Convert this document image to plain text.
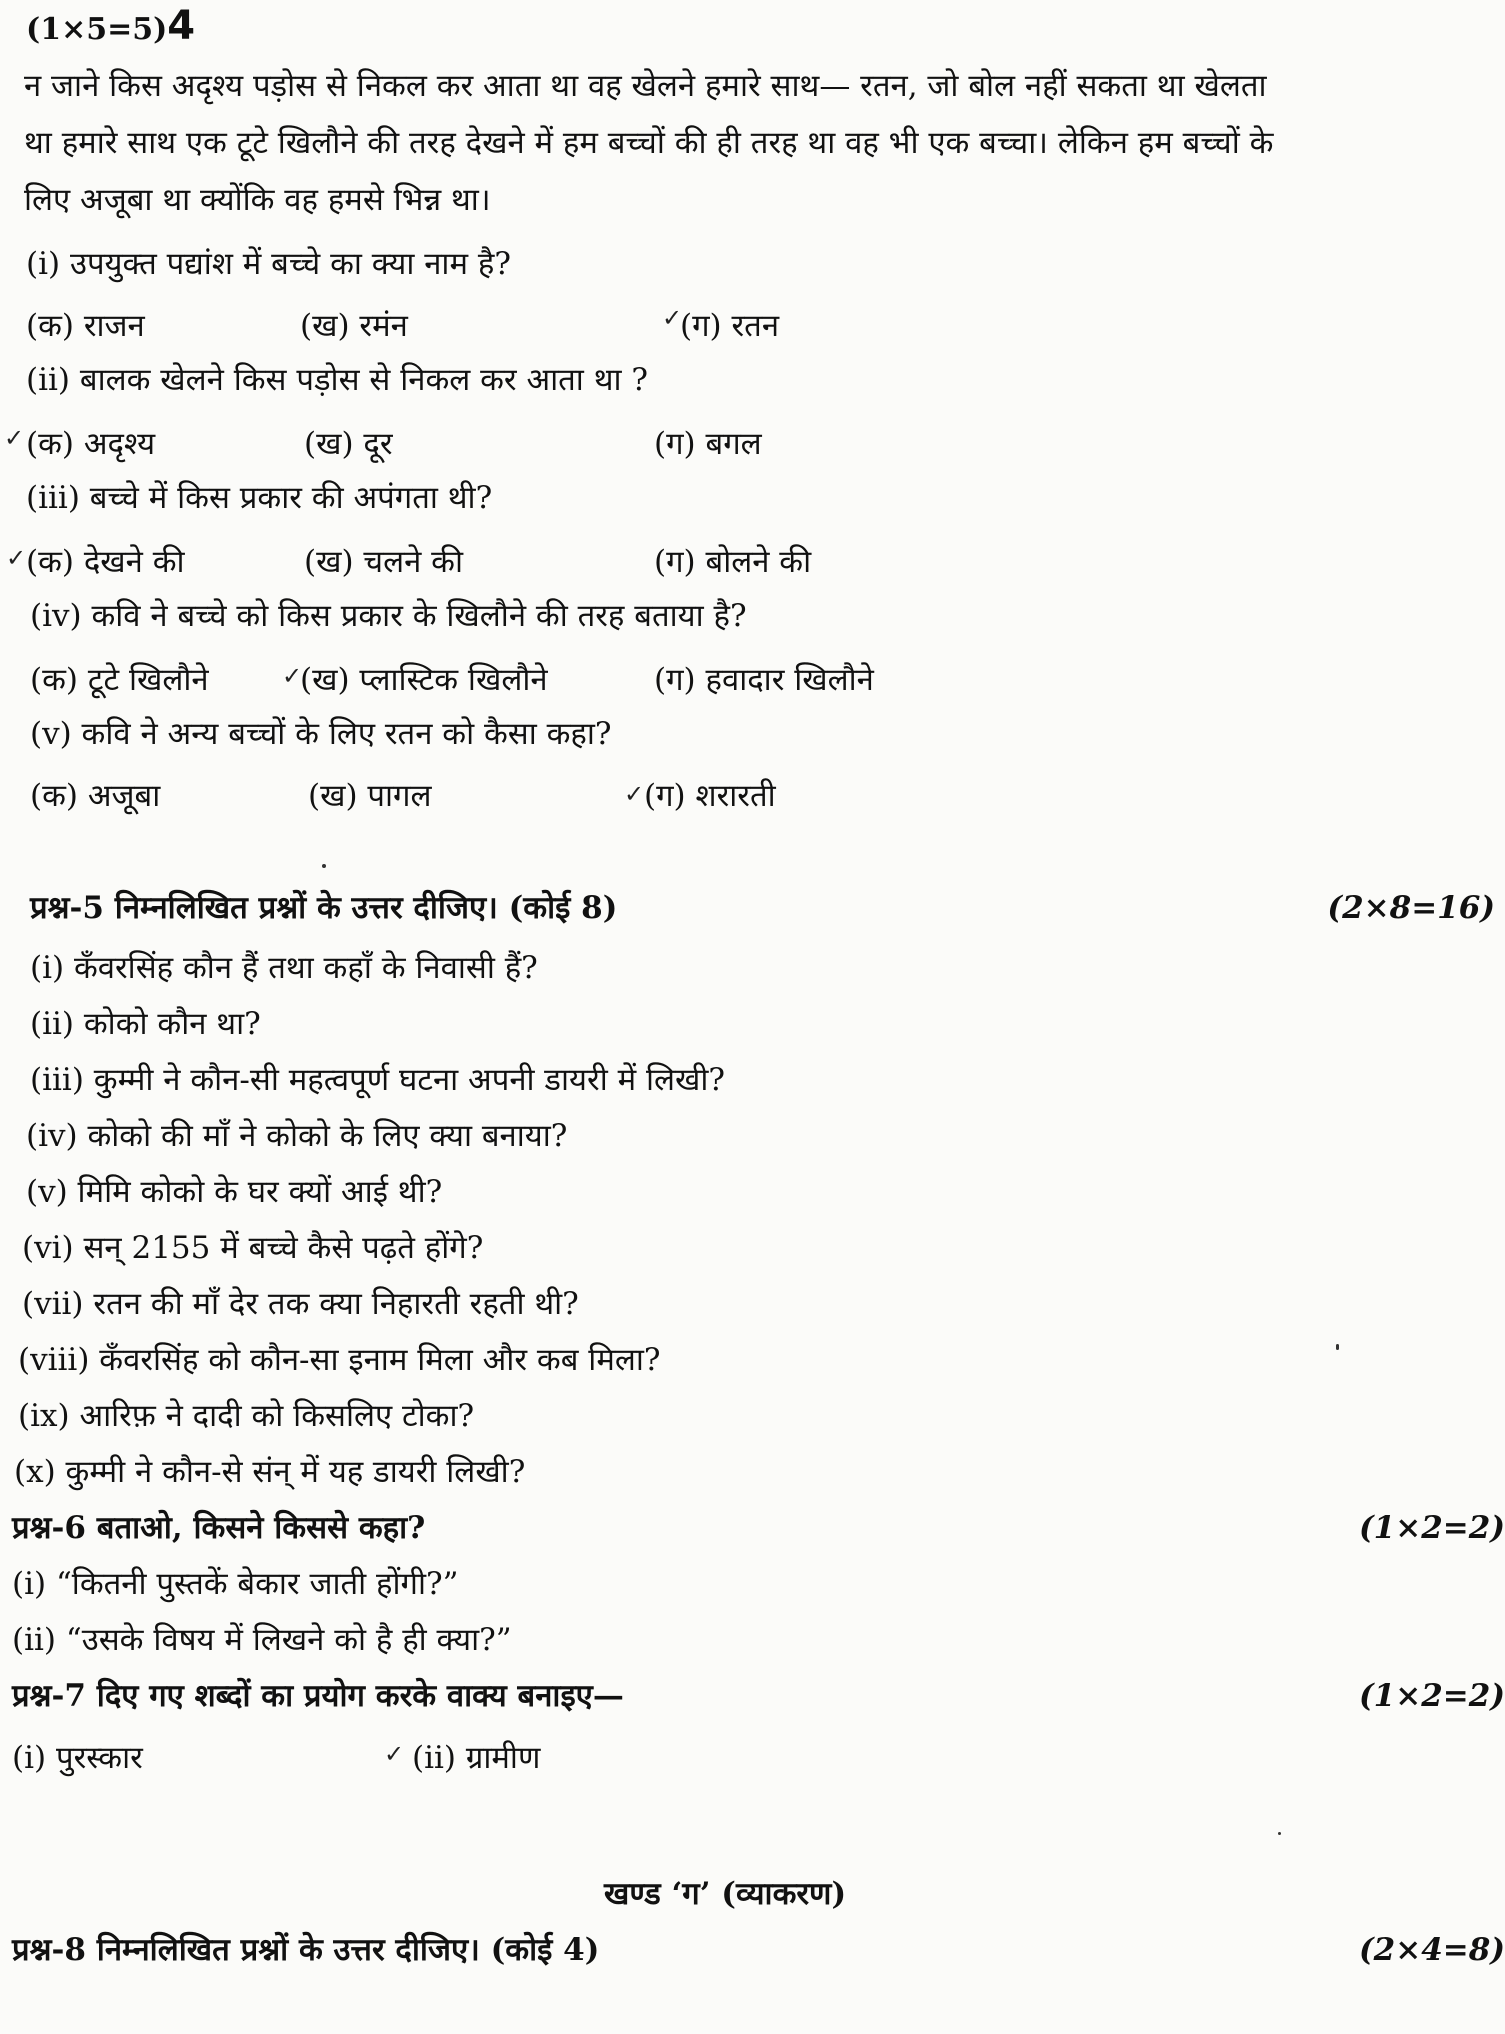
(1×5=5)4
न जाने किस अदृश्य पड़ोस से निकल कर आता था वह खेलने हमारे साथ— रतन, जो बोल नहीं सकता था खेलता
था हमारे साथ एक टूटे खिलौने की तरह देखने में हम बच्चों की ही तरह था वह भी एक बच्चा। लेकिन हम बच्चों के
लिए अजूबा था क्योंकि वह हमसे भिन्न था।
(i) उपयुक्त पद्यांश में बच्चे का क्या नाम है?
(क) राजन	(ख) रमंन	✓
(ग) रतन
(ii) बालक खेलने किस पड़ोस से निकल कर आता था ?
✓ (क) अदृश्य	(ख) दूर	(ग) बगल
(iii) बच्चे में किस प्रकार की अपंगता थी?
✓ (क) देखने की	(ख) चलने की	(ग) बोलने की
(iv) कवि ने बच्चे को किस प्रकार के खिलौने की तरह बताया है?
(क) टूटे खिलौने	✓
(ख) प्लास्टिक खिलौने	(ग) हवादार खिलौने
(v) कवि ने अन्य बच्चों के लिए रतन को कैसा कहा?
(क) अजूबा	(ख) पागल	✓ (ग) शरारती
प्रश्न-5 निम्नलिखित प्रश्नों के उत्तर दीजिए। (कोई 8)	(2×8=16)
(i) कँवरसिंह कौन हैं तथा कहाँ के निवासी हैं?
(ii) कोको कौन था?
(iii) कुम्मी ने कौन-सी महत्वपूर्ण घटना अपनी डायरी में लिखी?
(iv) कोको की माँ ने कोको के लिए क्या बनाया?
(v) मिमि कोको के घर क्यों आई थी?
(vi) सन् 2155 में बच्चे कैसे पढ़ते होंगे?
(vii) रतन की माँ देर तक क्या निहारती रहती थी?
(viii) कँवरसिंह को कौन-सा इनाम मिला और कब मिला?
(ix) आरिफ़ ने दादी को किसलिए टोका?
(x) कुम्मी ने कौन-से संन् में यह डायरी लिखी?
प्रश्न-6 बताओ, किसने किससे कहा?	(1×2=2)
(i) “कितनी पुस्तकें बेकार जाती होंगी?”
(ii) “उसके विषय में लिखने को है ही क्या?”
प्रश्न-7 दिए गए शब्दों का प्रयोग करके वाक्य बनाइए—	(1×2=2)
(i) पुरस्कार	✓ (ii) ग्रामीण
खण्ड ‘ग’ (व्याकरण)
प्रश्न-8 निम्नलिखित प्रश्नों के उत्तर दीजिए। (कोई 4)	(2×4=8)
